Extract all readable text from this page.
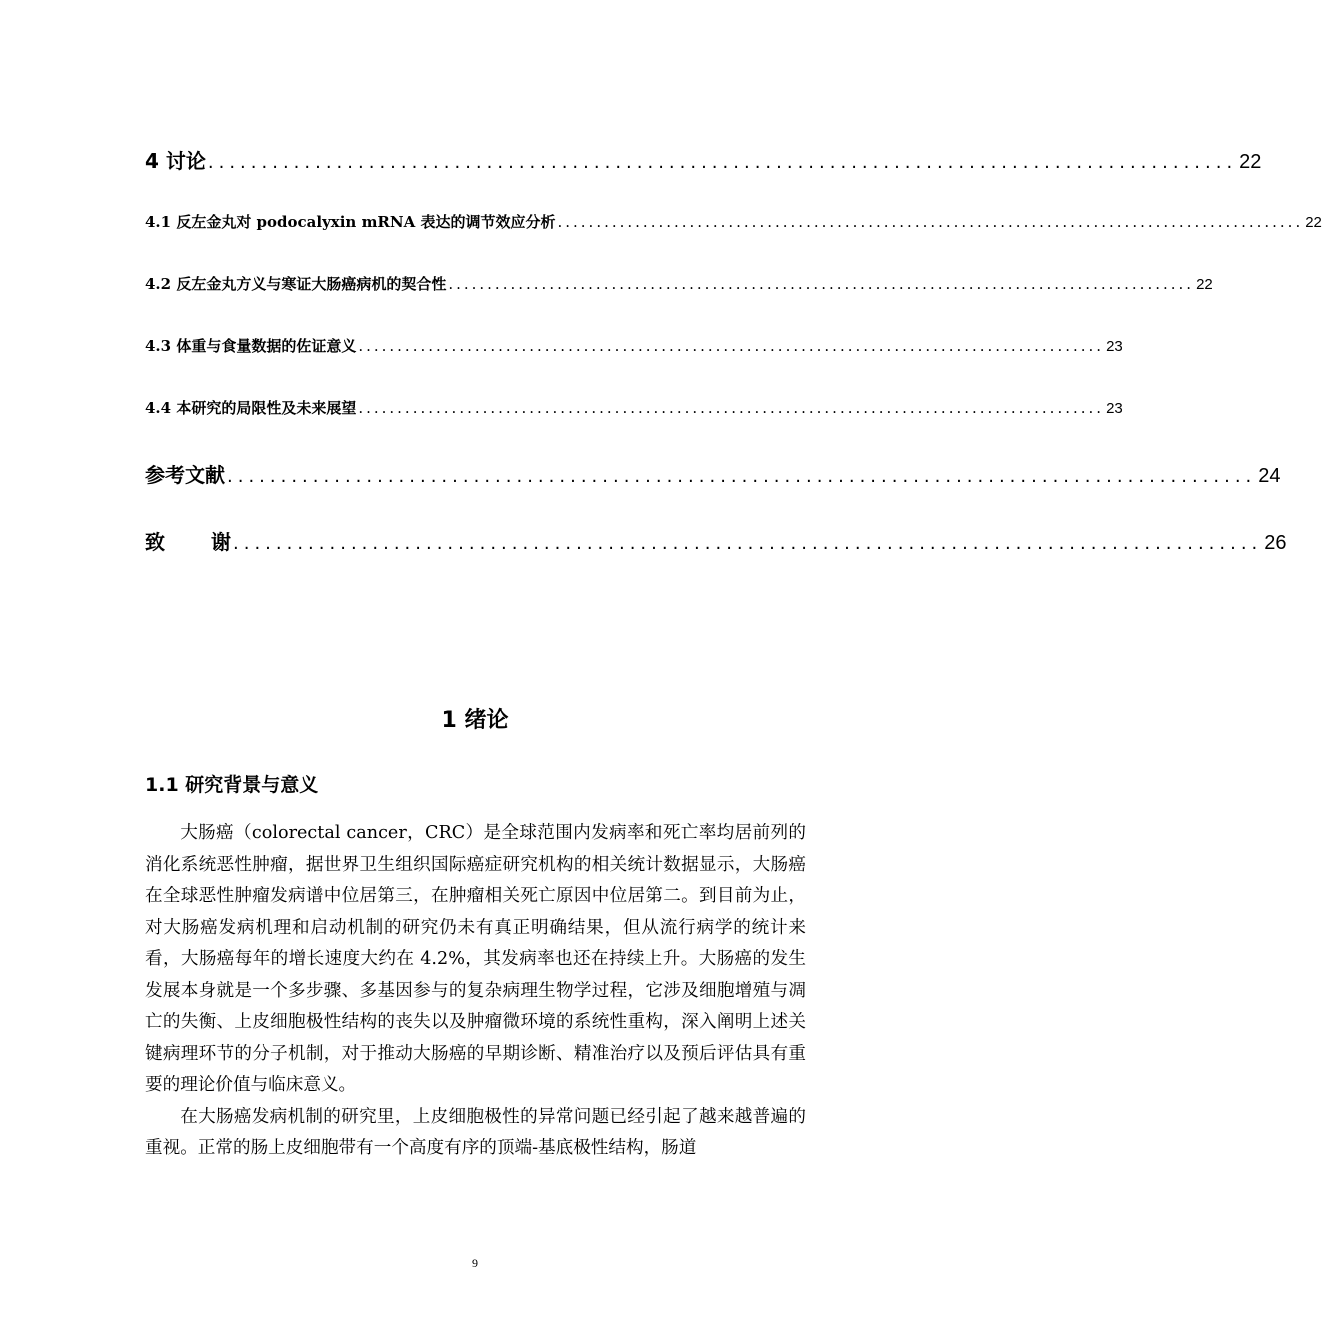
4 讨论 ................................................................................................ 22
4.1 反左金丸对 podocalyxin mRNA 表达的调节效应分析 ................................................................................................ 22
4.2 反左金丸方义与寒证大肠癌病机的契合性 ................................................................................................ 22
4.3 体重与食量数据的佐证意义 ................................................................................................ 23
4.4 本研究的局限性及未来展望 ................................................................................................ 23
参考文献 ................................................................................................ 24
致 谢 ................................................................................................ 26
1 绪论
1.1 研究背景与意义

大肠癌（colorectal cancer，CRC）是全球范围内发病率和死亡率均居前列的消化系统恶性肿瘤，据世界卫生组织国际癌症研究机构的相关统计数据显示，大肠癌在全球恶性肿瘤发病谱中位居第三，在肿瘤相关死亡原因中位居第二。到目前为止，对大肠癌发病机理和启动机制的研究仍未有真正明确结果，但从流行病学的统计来看，大肠癌每年的增长速度大约在 4.2%，其发病率也还在持续上升。大肠癌的发生发展本身就是一个多步骤、多基因参与的复杂病理生物学过程，它涉及细胞增殖与凋亡的失衡、上皮细胞极性结构的丧失以及肿瘤微环境的系统性重构，深入阐明上述关键病理环节的分子机制，对于推动大肠癌的早期诊断、精准治疗以及预后评估具有重要的理论价值与临床意义。

在大肠癌发病机制的研究里，上皮细胞极性的异常问题已经引起了越来越普遍的重视。正常的肠上皮细胞带有一个高度有序的顶端-基底极性结构，肠道

9
